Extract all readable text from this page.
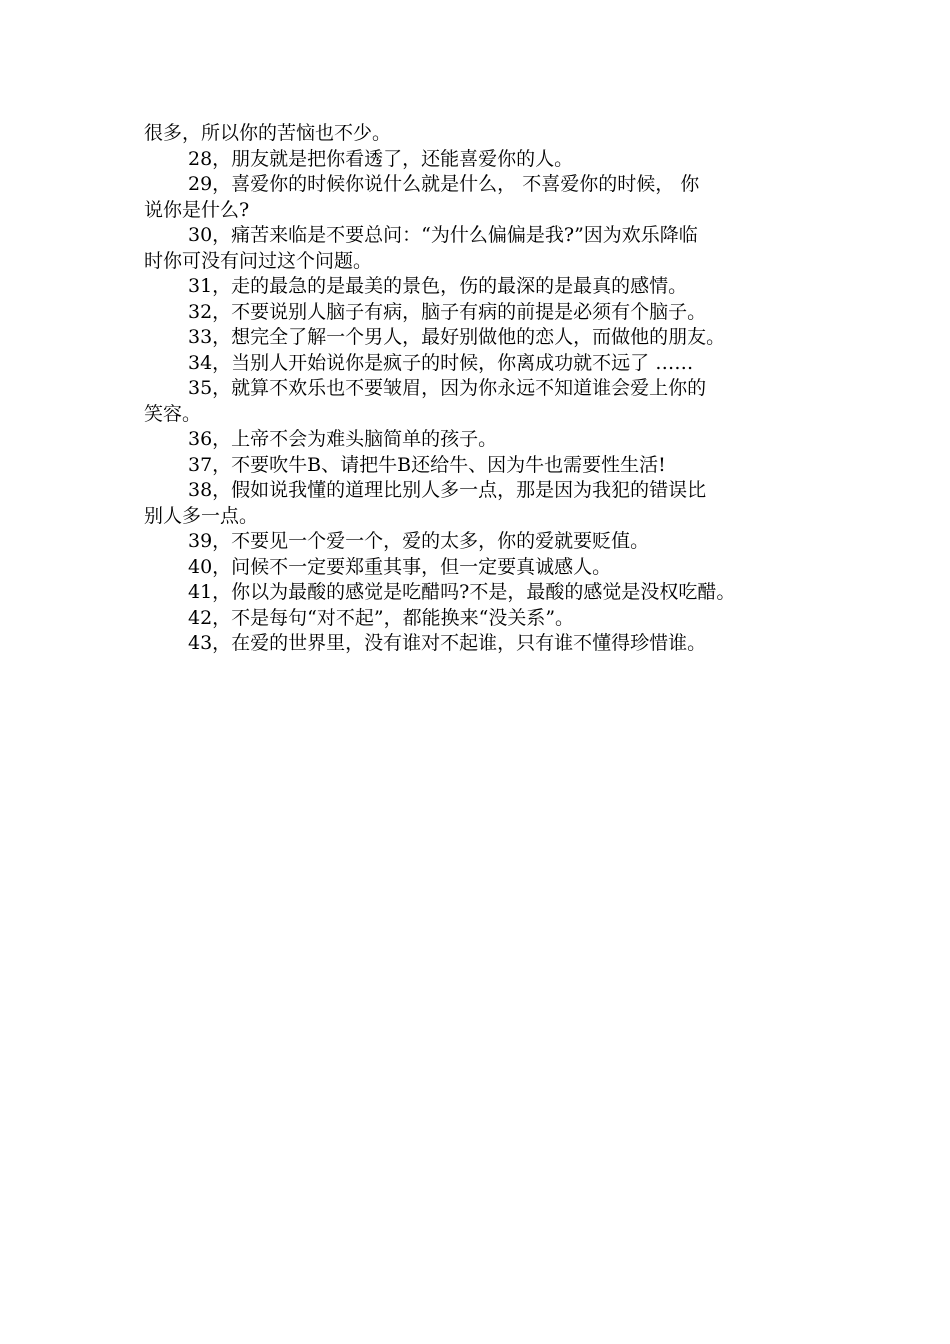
很多，所以你的苦恼也不少。
28，朋友就是把你看透了，还能喜爱你的人。
29，喜爱你的时候你说什么就是什么， 不喜爱你的时候， 你
说你是什么?
30，痛苦来临是不要总问：“为什么偏偏是我?”因为欢乐降临
时你可没有问过这个问题。
31，走的最急的是最美的景色，伤的最深的是最真的感情。
32，不要说别人脑子有病，脑子有病的前提是必须有个脑子。
33，想完全了解一个男人，最好别做他的恋人，而做他的朋友。
34，当别人开始说你是疯子的时候，你离成功就不远了 ……
35，就算不欢乐也不要皱眉，因为你永远不知道谁会爱上你的
笑容。
36，上帝不会为难头脑简单的孩子。
37，不要吹牛B、请把牛B还给牛、因为牛也需要性生活!
38，假如说我懂的道理比别人多一点，那是因为我犯的错误比
别人多一点。
39，不要见一个爱一个，爱的太多，你的爱就要贬值。
40，问候不一定要郑重其事，但一定要真诚感人。
41，你以为最酸的感觉是吃醋吗?不是，最酸的感觉是没权吃醋。
42，不是每句“对不起”，都能换来“没关系”。
43，在爱的世界里，没有谁对不起谁，只有谁不懂得珍惜谁。
